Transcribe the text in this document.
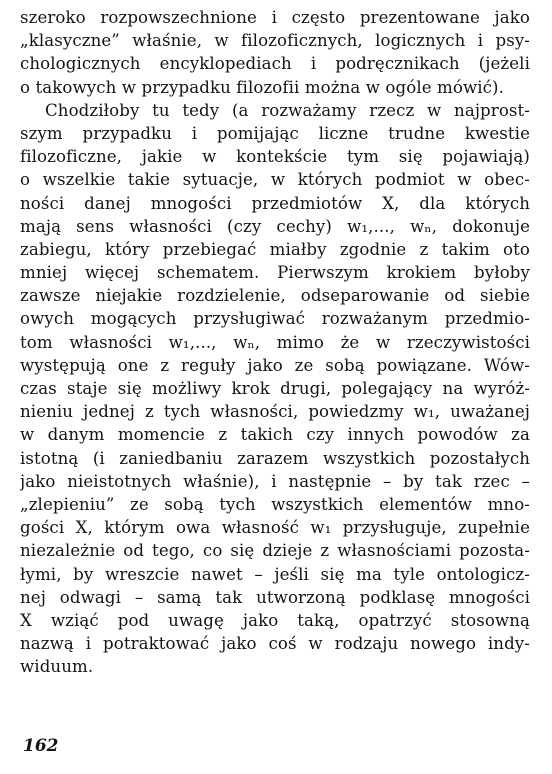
szeroko rozpowszechnione i często prezentowane jako
„klasyczne” właśnie, w filozoficznych, logicznych i psy-
chologicznych encyklopediach i podręcznikach (jeżeli
o takowych w przypadku filozofii można w ogóle mówić).
Chodziłoby tu tedy (a rozważamy rzecz w najprost-
szym przypadku i pomijając liczne trudne kwestie
filozoficzne, jakie w kontekście tym się pojawiają)
o wszelkie takie sytuacje, w których podmiot w obec-
ności danej mnogości przedmiotów X, dla których
mają sens własności (czy cechy) w₁,..., wₙ, dokonuje
zabiegu, który przebiegać miałby zgodnie z takim oto
mniej więcej schematem. Pierwszym krokiem byłoby
zawsze niejakie rozdzielenie, odseparowanie od siebie
owych mogących przysługiwać rozważanym przedmio-
tom własności w₁,..., wₙ, mimo że w rzeczywistości
występują one z reguły jako ze sobą powiązane. Wów-
czas staje się możliwy krok drugi, polegający na wyróż-
nieniu jednej z tych własności, powiedzmy w₁, uważanej
w danym momencie z takich czy innych powodów za
istotną (i zaniedbaniu zarazem wszystkich pozostałych
jako nieistotnych właśnie), i następnie – by tak rzec –
„zlepieniu” ze sobą tych wszystkich elementów mno-
gości X, którym owa własność w₁ przysługuje, zupełnie
niezależnie od tego, co się dzieje z własnościami pozosta-
łymi, by wreszcie nawet – jeśli się ma tyle ontologicz-
nej odwagi – samą tak utworzoną podklasę mnogości
X wziąć pod uwagę jako taką, opatrzyć stosowną
nazwą i potraktować jako coś w rodzaju nowego indy-
widuum.
162
